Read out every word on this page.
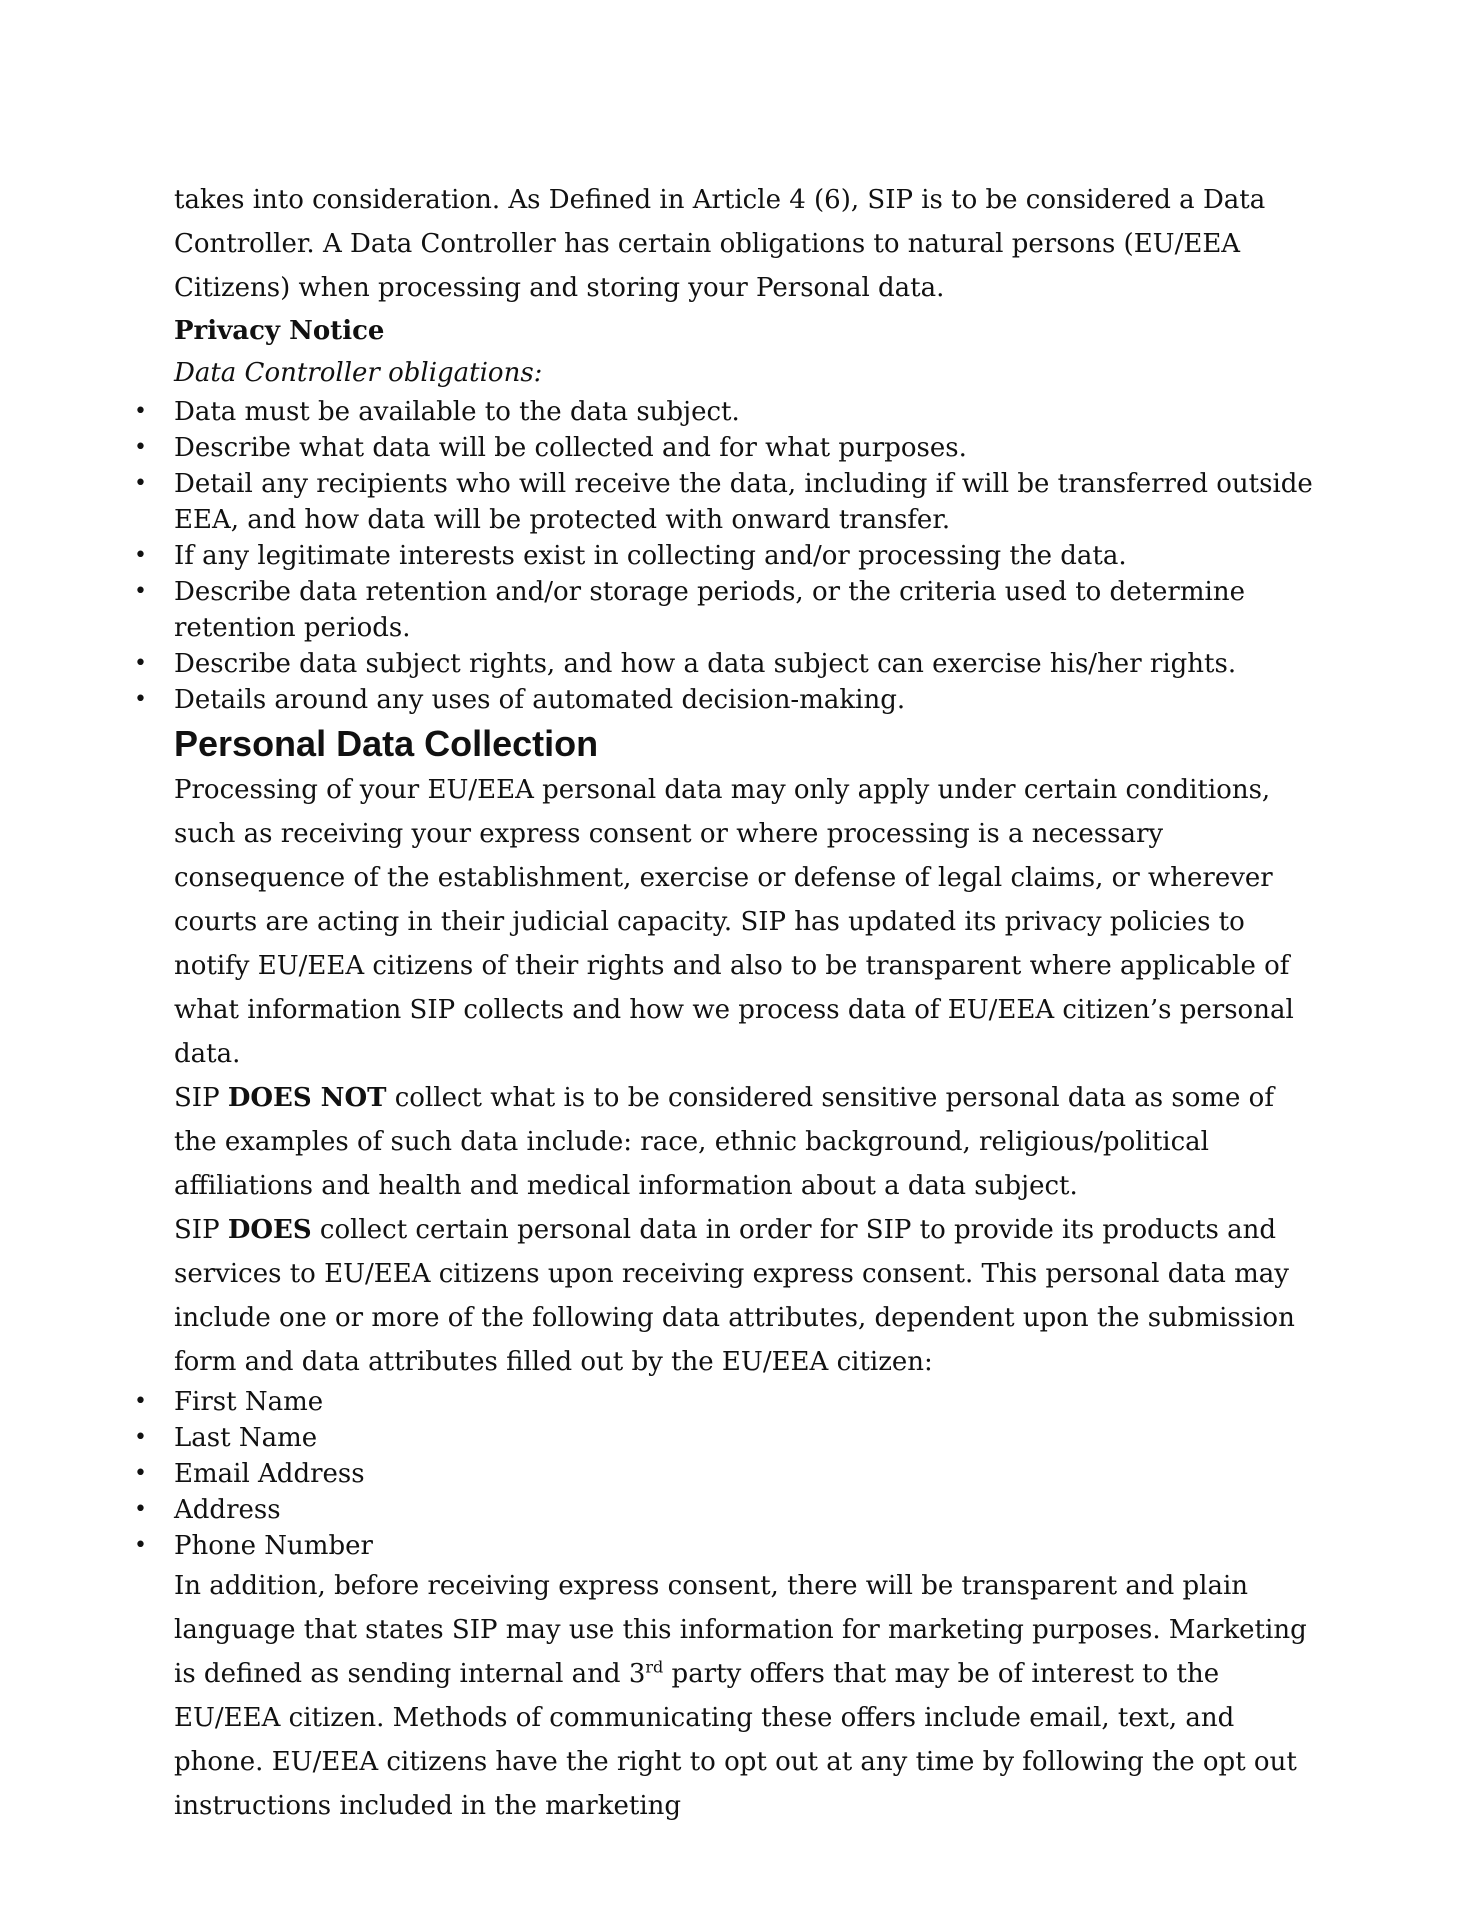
takes into consideration. As Defined in Article 4 (6), SIP is to be considered a Data Controller. A Data Controller has certain obligations to natural persons (EU/EEA Citizens) when processing and storing your Personal data.

Privacy Notice

Data Controller obligations:

• Data must be available to the data subject.
• Describe what data will be collected and for what purposes.
• Detail any recipients who will receive the data, including if will be transferred outside EEA, and how data will be protected with onward transfer.
• If any legitimate interests exist in collecting and/or processing the data.
• Describe data retention and/or storage periods, or the criteria used to determine retention periods.
• Describe data subject rights, and how a data subject can exercise his/her rights.
• Details around any uses of automated decision-making.
Personal Data Collection

Processing of your EU/EEA personal data may only apply under certain conditions, such as receiving your express consent or where processing is a necessary consequence of the establishment, exercise or defense of legal claims, or wherever courts are acting in their judicial capacity. SIP has updated its privacy policies to notify EU/EEA citizens of their rights and also to be transparent where applicable of what information SIP collects and how we process data of EU/EEA citizen’s personal data.

SIP DOES NOT collect what is to be considered sensitive personal data as some of the examples of such data include: race, ethnic background, religious/political affiliations and health and medical information about a data subject.

SIP DOES collect certain personal data in order for SIP to provide its products and services to EU/EEA citizens upon receiving express consent. This personal data may include one or more of the following data attributes, dependent upon the submission form and data attributes filled out by the EU/EEA citizen:

• First Name
• Last Name
• Email Address
• Address
• Phone Number

In addition, before receiving express consent, there will be transparent and plain language that states SIP may use this information for marketing purposes. Marketing is defined as sending internal and 3rd party offers that may be of interest to the EU/EEA citizen. Methods of communicating these offers include email, text, and phone. EU/EEA citizens have the right to opt out at any time by following the opt out instructions included in the marketing
